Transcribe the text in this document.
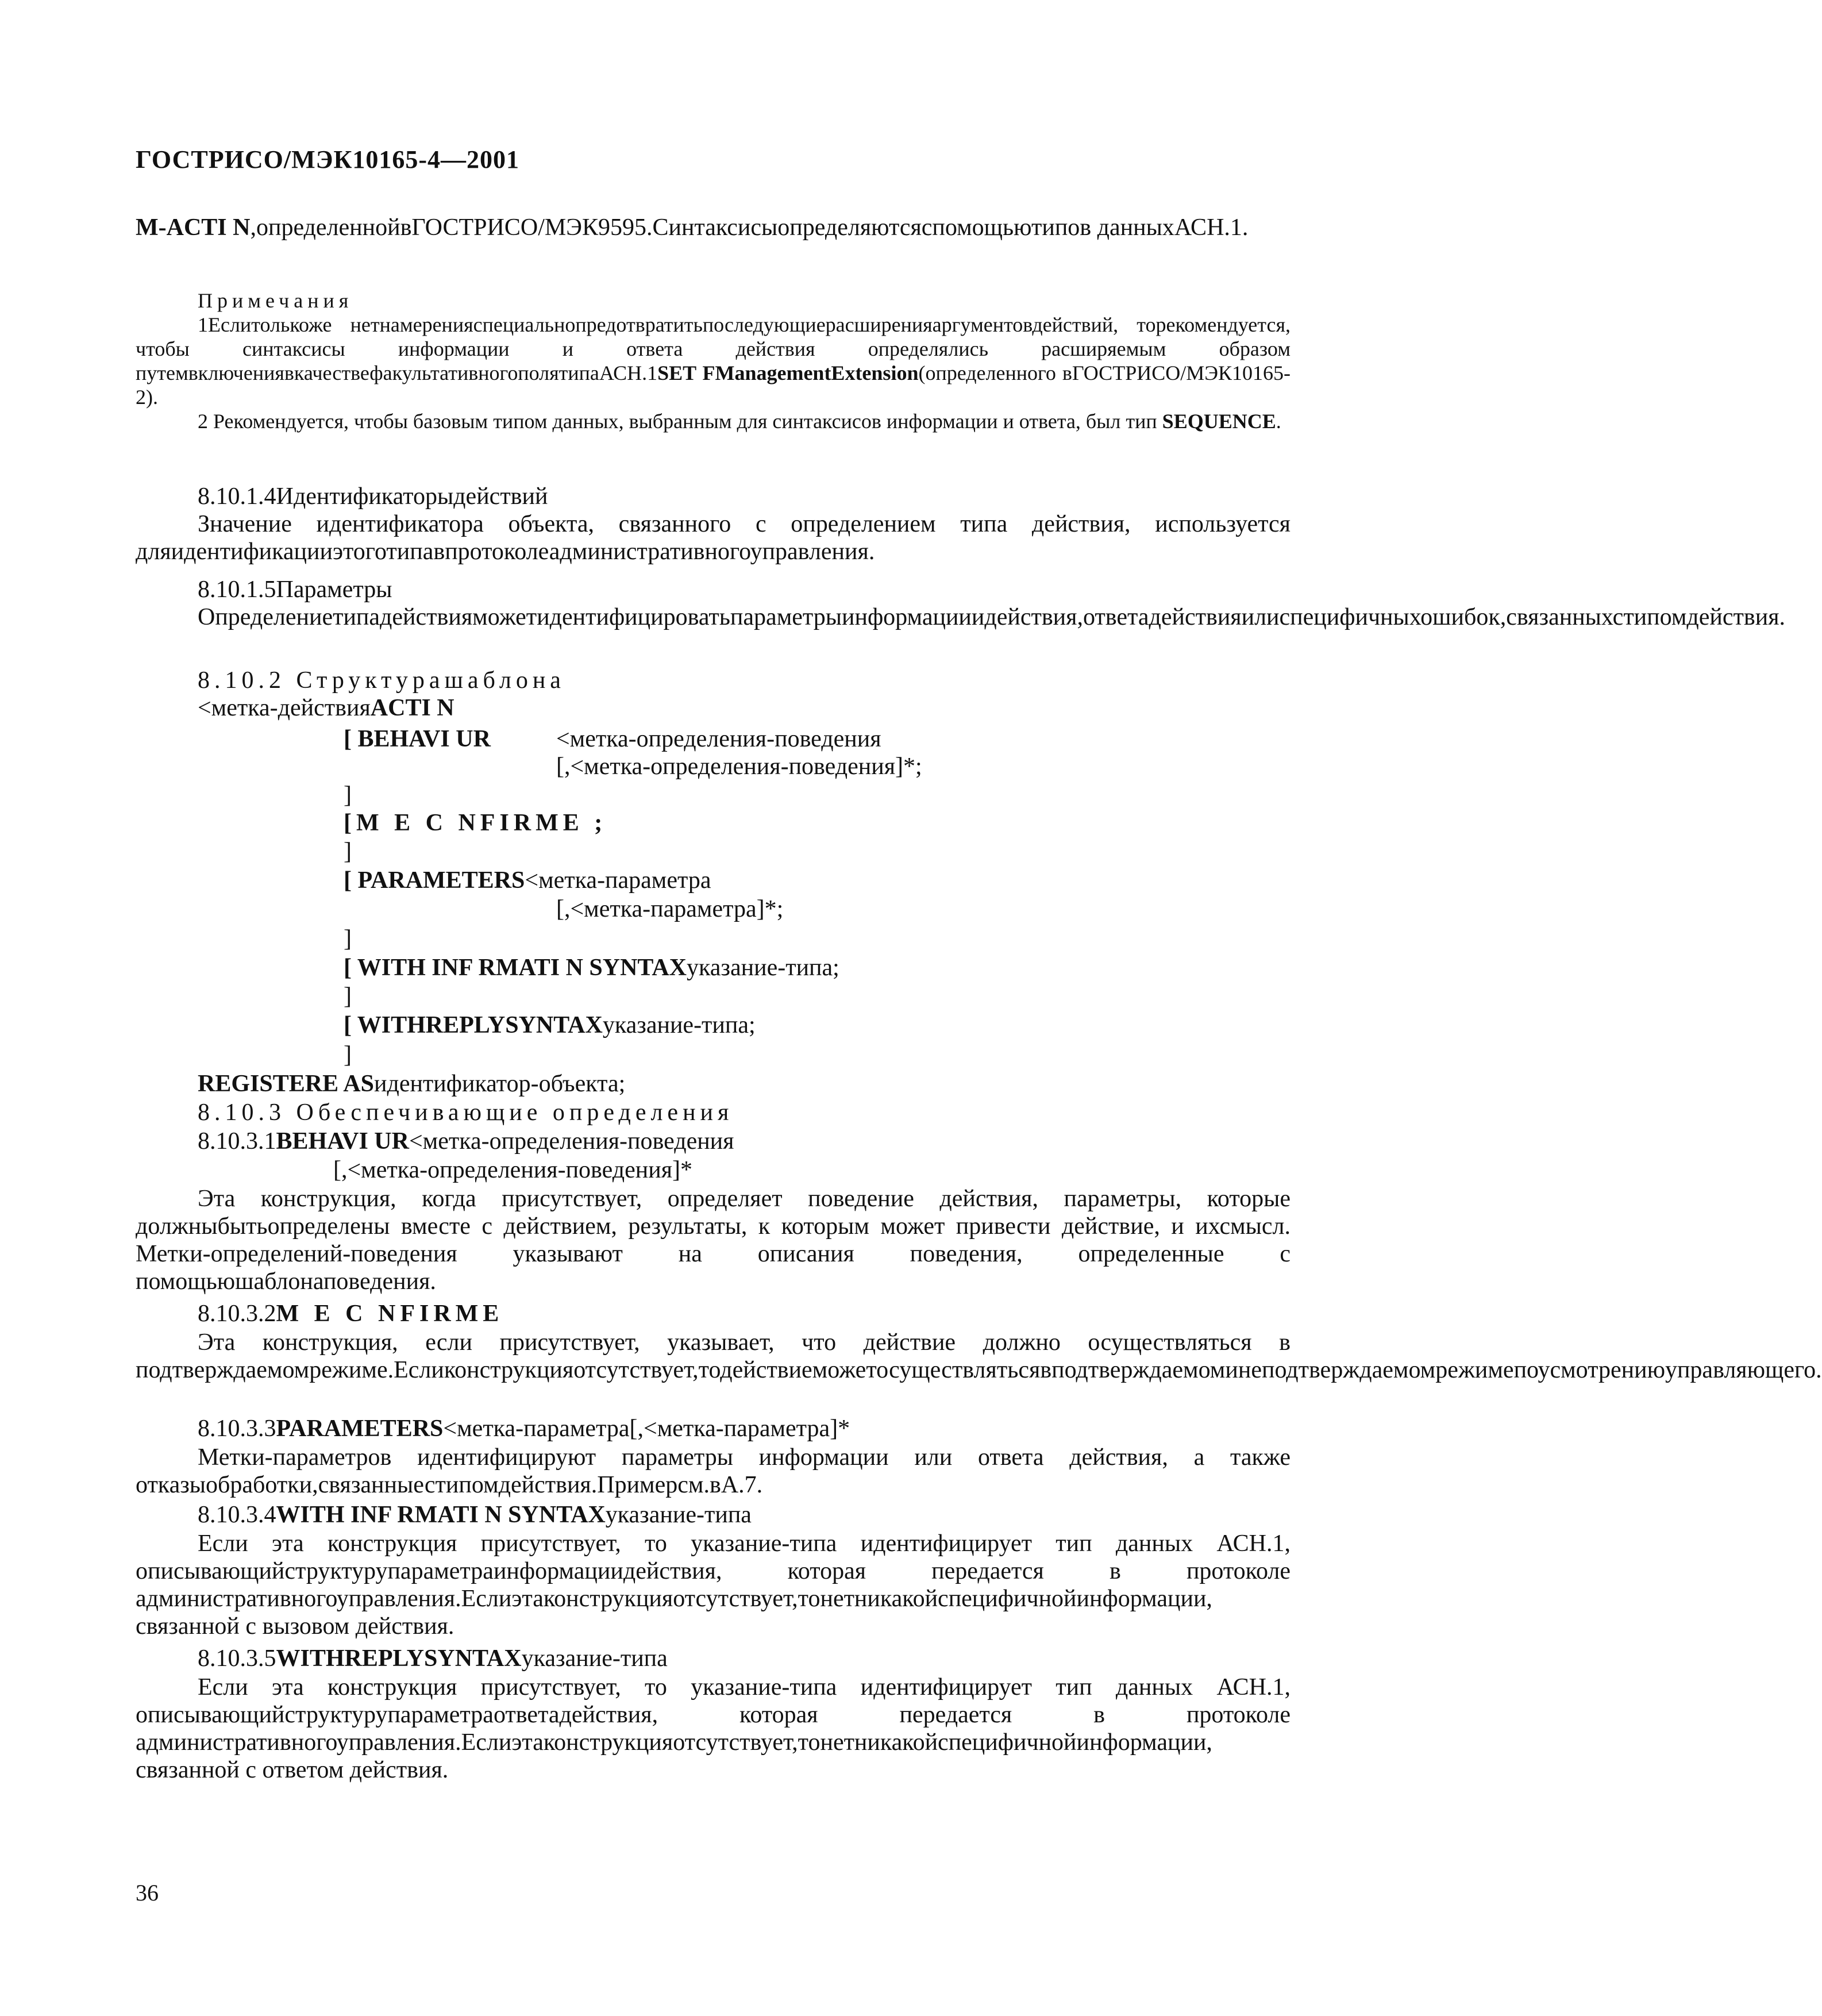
ГОСТРИСО/МЭК10165-4—2001
M-ACTI N,определеннойвГОСТРИСО/МЭК9595.Синтаксисыопределяютсяспомощьютипов данныхАСН.1.
Примечания
1Еслитолькоже нетнамеренияспециальнопредотвратитьпоследующиерасширенияаргументовдействий, торекомендуется, чтобы синтаксисы информации и ответа действия определялись расширяемым образом путемвключениявкачествефакультативногополятипаАСН.1SET FManagementExtension(определенного вГОСТРИСО/МЭК10165-2).
2 Рекомендуется, чтобы базовым типом данных, выбранным для синтаксисов информации и ответа, был тип SEQUENCE.
8.10.1.4Идентификаторыдействий
Значение идентификатора объекта, связанного с определением типа действия, используется дляидентификацииэтоготипавпротоколеадминистративногоуправления.
8.10.1.5Параметры
Определениетипадействияможетидентифицироватьпараметрыинформацииидействия,ответадействияилиспецифичныхошибок,связанныхстипомдействия.
8.10.2 Структурашаблона
<метка-действияACTI N
[ BEHAVI UR	<метка-определения-поведения
[,<метка-определения-поведения]*;
]
[M E C NFIRME ;
]
[ PARAMETERS<метка-параметра
[,<метка-параметра]*;
]
[ WITH INF RMATI N SYNTAXуказание-типа;
]
[ WITHREPLYSYNTAXуказание-типа;
]
REGISTERE ASидентификатор-объекта;
8.10.3 Обеспечивающие определения
8.10.3.1BEHAVI UR<метка-определения-поведения
[,<метка-определения-поведения]*
Эта конструкция, когда присутствует, определяет поведение действия, параметры, которые должныбытьопределены вместе с действием, результаты, к которым может привести действие, и ихсмысл. Метки-определений-поведения указывают на описания поведения, определенные с помощьюшаблонаповедения.
8.10.3.2M E C NFIRME
Эта конструкция, если присутствует, указывает, что действие должно осуществляться в подтверждаемомрежиме.Есликонструкцияотсутствует,тодействиеможетосуществлятьсявподтверждаемоминеподтверждаемомрежимепоусмотрениюуправляющего.
8.10.3.3PARAMETERS<метка-параметра[,<метка-параметра]*
Метки-параметров идентифицируют параметры информации или ответа действия, а также отказыобработки,связанныестипомдействия.Примерсм.вА.7.
8.10.3.4WITH INF RMATI N SYNTAXуказание-типа
Если эта конструкция присутствует, то указание-типа идентифицирует тип данных АСН.1, описывающийструктурупараметраинформациидействия, которая передается в протоколе административногоуправления.Еслиэтаконструкцияотсутствует,тонетникакойспецифичнойинформации, связанной с вызовом действия.
8.10.3.5WITHREPLYSYNTAXуказание-типа
Если эта конструкция присутствует, то указание-типа идентифицирует тип данных АСН.1, описывающийструктурупараметраответадействия, которая передается в протоколе административногоуправления.Еслиэтаконструкцияотсутствует,тонетникакойспецифичнойинформации, связанной с ответом действия.
36
